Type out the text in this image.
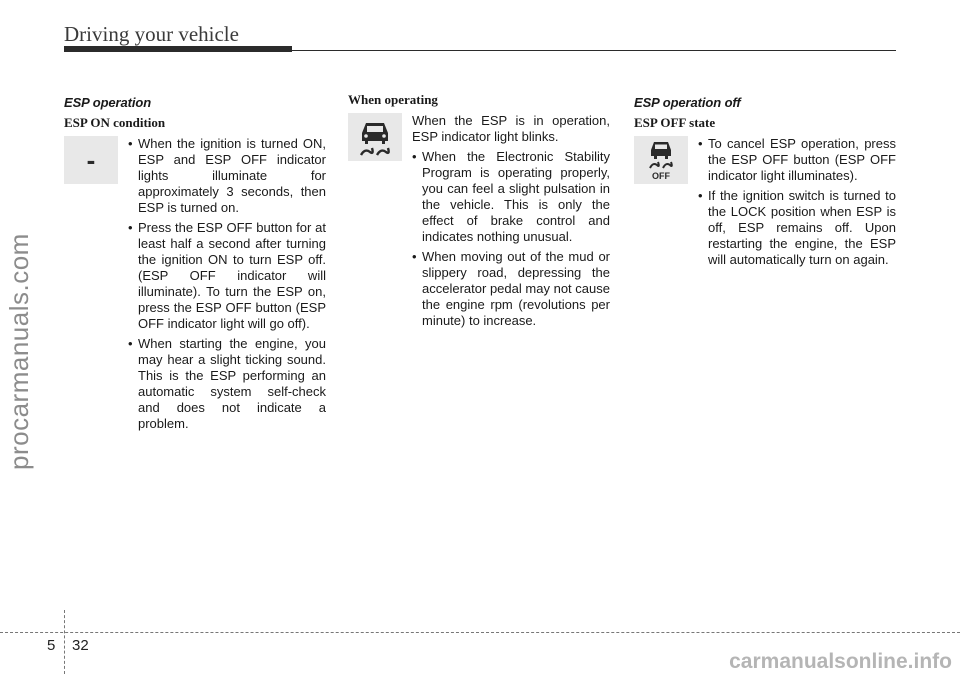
Driving your vehicle
procarmanuals.com
ESP operation
ESP ON condition
-
• When the ignition is turned ON, ESP and ESP OFF indicator lights illuminate for approximately 3 seconds, then ESP is turned on.
• Press the ESP OFF button for at least half a second after turning the ignition ON to turn ESP off. (ESP OFF indicator will illuminate). To turn the ESP on, press the ESP OFF button (ESP OFF indicator light will go off).
• When starting the engine, you may hear a slight ticking sound. This is the ESP performing an automatic system self-check and does not indicate a problem.
When operating
When the ESP is in operation, ESP indicator light blinks.
• When the Electronic Stability Program is operating properly, you can feel a slight pulsation in the vehicle. This is only the effect of brake control and indicates nothing unusual.
• When moving out of the mud or slippery road, depressing the accelerator pedal may not cause the engine rpm (revolutions per minute) to increase.
ESP operation off
ESP OFF state
OFF
• To cancel ESP operation, press the ESP OFF button (ESP OFF indicator light illuminates).
• If the ignition switch is turned to the LOCK position when ESP is off, ESP remains off. Upon restarting the engine, the ESP will automatically turn on again.
5 32
carmanualsonline.info
